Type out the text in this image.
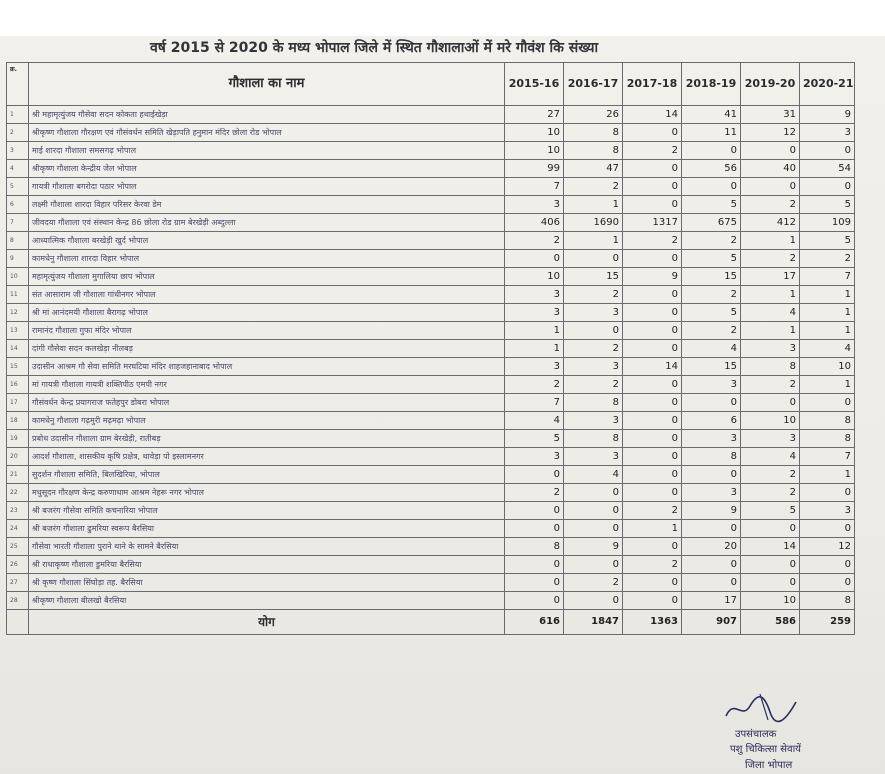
वर्ष 2015 से 2020 के मध्य भोपाल जिले में स्थित गौशालाओं में मरे गौवंश कि संख्या
क्र.	गौशाला का नाम	2015-16	2016-17	2017-18	2018-19	2019-20	2020-21
1	श्री महामृत्युंजय गौसेवा सदन कोकता हथाईखेड़ा	27	26	14	41	31	9
2	श्रीकृष्ण गौशाला गौरक्षण एवं गौसंवर्धन समिति खेड़ापति हनुमान मंदिर छोला रोड भोपाल	10	8	0	11	12	3
3	माई शारदा गौशाला समसगढ़ भोपाल	10	8	2	0	0	0
4	श्रीकृष्ण गौशाला केन्द्रीय जेल भोपाल	99	47	0	56	40	54
5	गायत्री गौशाला बगरोदा पठार भोपाल	7	2	0	0	0	0
6	लक्ष्मी गौशाला शारदा विहार परिसर केरवा डेम	3	1	0	5	2	5
7	जीवदया गौशाला एवं संस्थान केन्द्र 86 छोला रोड ग्राम बेरखेड़ी अब्दुल्ला	406	1690	1317	675	412	109
8	आध्यात्मिक गौशाला बरखेड़ी खुर्द भोपाल	2	1	2	2	1	5
9	कामधेनु गौशाला शारदा विहार भोपाल	0	0	0	5	2	2
10	महामृत्युंजय गौशाला मुगालिया छाप भोपाल	10	15	9	15	17	7
11	संत आसाराम जी गौशाला गांधीनगर भोपाल	3	2	0	2	1	1
12	श्री मां आनंदमयी गौशाला बैरागढ़ भोपाल	3	3	0	5	4	1
13	रामानंद गौशाला गुफा मंदिर भोपाल	1	0	0	2	1	1
14	दांगी गौसेवा सदन कलखेड़ा नीलबड़	1	2	0	4	3	4
15	उदासीन आश्रम गौ सेवा समिति मरघटिया मंदिर शाहजहानाबाद भोपाल	3	3	14	15	8	10
16	मां गायत्री गौशाला गायत्री शक्तिपीठ एमपी नगर	2	2	0	3	2	1
17	गौसंवर्धन केन्द्र प्रयागराज फतेहपुर डोबरा भोपाल	7	8	0	0	0	0
18	कामधेनु गौशाला गढ़मुरी मढ़मढ़ा भोपाल	4	3	0	6	10	8
19	प्रबोध उदासीन गौशाला ग्राम बेरखेड़ी, रातीबड़	5	8	0	3	3	8
20	आदर्श गौशाला, शासकीय कृषि प्रक्षेत्र, थावेड़ा पो इस्लामनगर	3	3	0	8	4	7
21	सुदर्शन गौशाला समिति, बिलखिरिया, भोपाल	0	4	0	0	2	1
22	मधुसूदन गौरक्षण केन्द्र करुणाधाम आश्रम नेहरू नगर भोपाल	2	0	0	3	2	0
23	श्री बजरंग गौसेवा समिति कचनारिया भोपाल	0	0	2	9	5	3
24	श्री बजरंग गौशाला ढुमरिया स्वरूप बैरसिया	0	0	1	0	0	0
25	गौसेवा भारती गौशाला पुराने थाने के सामने बैरसिया	8	9	0	20	14	12
26	श्री राधाकृष्ण गौशाला डुमरिया बैरसिया	0	0	2	0	0	0
27	श्री कृष्ण गौशाला सिंघोड़ा तह. बैरसिया	0	2	0	0	0	0
28	श्रीकृष्ण गौशाला बीलखो बैरसिया	0	0	0	17	10	8
	योग	616	1847	1363	907	586	259
उपसंचालक
पशु चिकित्सा सेवायें
जिला भोपाल
